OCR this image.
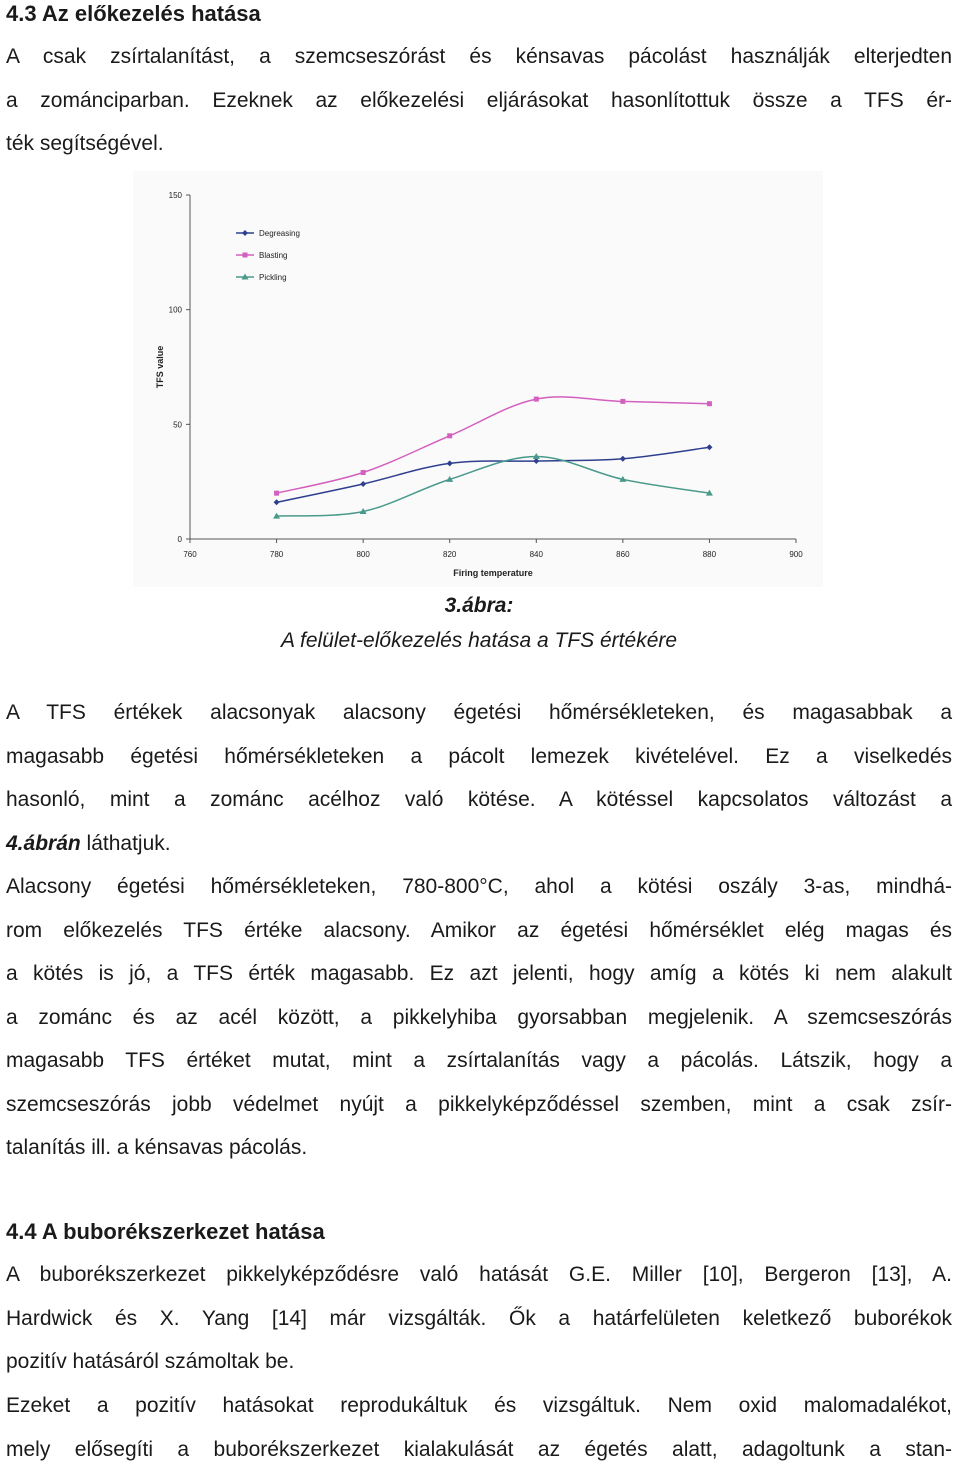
4.3 Az előkezelés hatása

A csak zsírtalanítást, a szemcseszórást és kénsavas pácolást használják elterjedten
a zománciparban. Ezeknek az előkezelési eljárásokat hasonlítottuk össze a TFS ér-
ték segítségével.

760	780	800	820	840	860	880	900
0
50
100
150
Degreasing
Blasting
Pickling
Firing temperature
TFS value
3.ábra:
A felület-előkezelés hatása a TFS értékére

A TFS értékek alacsonyak alacsony égetési hőmérsékleteken, és magasabbak a
magasabb égetési hőmérsékleteken a pácolt lemezek kivételével. Ez a viselkedés
hasonló, mint a zománc acélhoz való kötése. A kötéssel kapcsolatos változást a
4.ábrán láthatjuk.

Alacsony égetési hőmérsékleteken, 780-800°C, ahol a kötési oszály 3-as, mindhá-
rom előkezelés TFS értéke alacsony. Amikor az égetési hőmérséklet elég magas és
a kötés is jó, a TFS érték magasabb. Ez azt jelenti, hogy amíg a kötés ki nem alakult
a zománc és az acél között, a pikkelyhiba gyorsabban megjelenik. A szemcseszórás
magasabb TFS értéket mutat, mint a zsírtalanítás vagy a pácolás. Látszik, hogy a
szemcseszórás jobb védelmet nyújt a pikkelyképződéssel szemben, mint a csak zsír-
talanítás ill. a kénsavas pácolás.

4.4 A buborékszerkezet hatása

A buborékszerkezet pikkelyképződésre való hatását G.E. Miller [10], Bergeron [13], A.
Hardwick és X. Yang [14] már vizsgálták. Ők a határfelületen keletkező buborékok
pozitív hatásáról számoltak be.

Ezeket a pozitív hatásokat reprodukáltuk és vizsgáltuk. Nem oxid malomadalékot,
mely elősegíti a buborékszerkezet kialakulását az égetés alatt, adagoltunk a stan-
